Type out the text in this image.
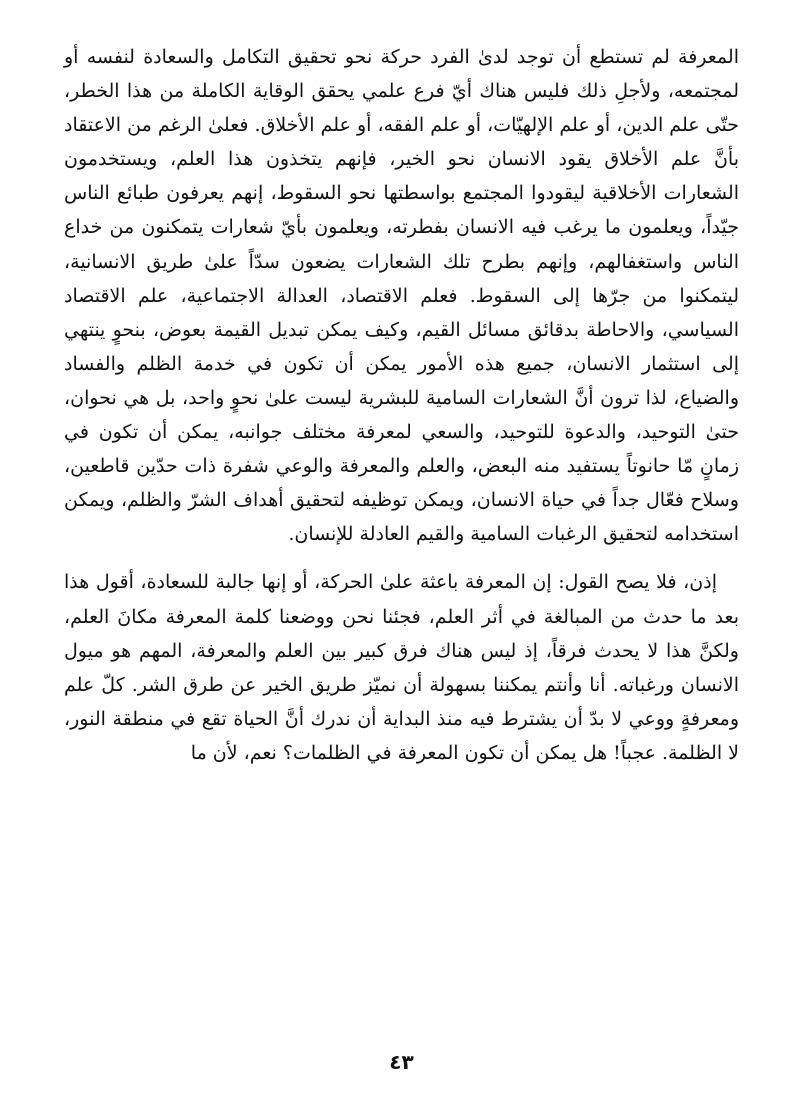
المعرفة لم تستطع أن توجد لدىٰ الفرد حركة نحو تحقيق التكامل والسعادة لنفسه أو لمجتمعه، ولأجلِ ذلك فليس هناك أيّ فرع علمي يحقق الوقاية الكاملة من هذا الخطر، حتّى علم الدين، أو علم الإلهيّات، أو علم الفقه، أو علم الأخلاق. فعلىٰ الرغم من الاعتقاد بأنَّ علم الأخلاق يقود الانسان نحو الخير، فإنهم يتخذون هذا العلم، ويستخدمون الشعارات الأخلاقية ليقودوا المجتمع بواسطتها نحو السقوط، إنهم يعرفون طبائع الناس جيّداً، ويعلمون ما يرغب فيه الانسان بفطرته، ويعلمون بأيّ شعارات يتمكنون من خداع الناس واستغفالهم، وإنهم بطرح تلك الشعارات يضعون سدّاً علىٰ طريق الانسانية، ليتمكنوا من جرّها إلى السقوط. فعلم الاقتصاد، العدالة الاجتماعية، علم الاقتصاد السياسي، والاحاطة بدقائق مسائل القيم، وكيف يمكن تبديل القيمة بعوض، بنحوٍ ينتهي إلى استثمار الانسان، جميع هذه الأمور يمكن أن تكون في خدمة الظلم والفساد والضياع، لذا ترون أنَّ الشعارات السامية للبشرية ليست علىٰ نحوٍ واحد، بل هي نحوان، حتىٰ التوحيد، والدعوة للتوحيد، والسعي لمعرفة مختلف جوانبه، يمكن أن تكون في زمانٍ مّا حانوتاً يستفيد منه البعض، والعلم والمعرفة والوعي شفرة ذات حدّين قاطعين، وسلاح فعّال جداً في حياة الانسان، ويمكن توظيفه لتحقيق أهداف الشرّ والظلم، ويمكن استخدامه لتحقيق الرغبات السامية والقيم العادلة للإنسان.

إذن، فلا يصح القول: إن المعرفة باعثة علىٰ الحركة، أو إنها جالبة للسعادة، أقول هذا بعد ما حدث من المبالغة في أثر العلم، فجئنا نحن ووضعنا كلمة المعرفة مكانَ العلم، ولكنَّ هذا لا يحدث فرقاً، إذ ليس هناك فرق كبير بين العلم والمعرفة، المهم هو ميول الانسان ورغباته. أنا وأنتم يمكننا بسهولة أن نميّز طريق الخير عن طرق الشر. كلّ علم ومعرفةٍ ووعي لا بدّ أن يشترط فيه منذ البداية أن ندرك أنَّ الحياة تقع في منطقة النور، لا الظلمة. عجباً! هل يمكن أن تكون المعرفة في الظلمات؟ نعم، لأن ما

٤٣
